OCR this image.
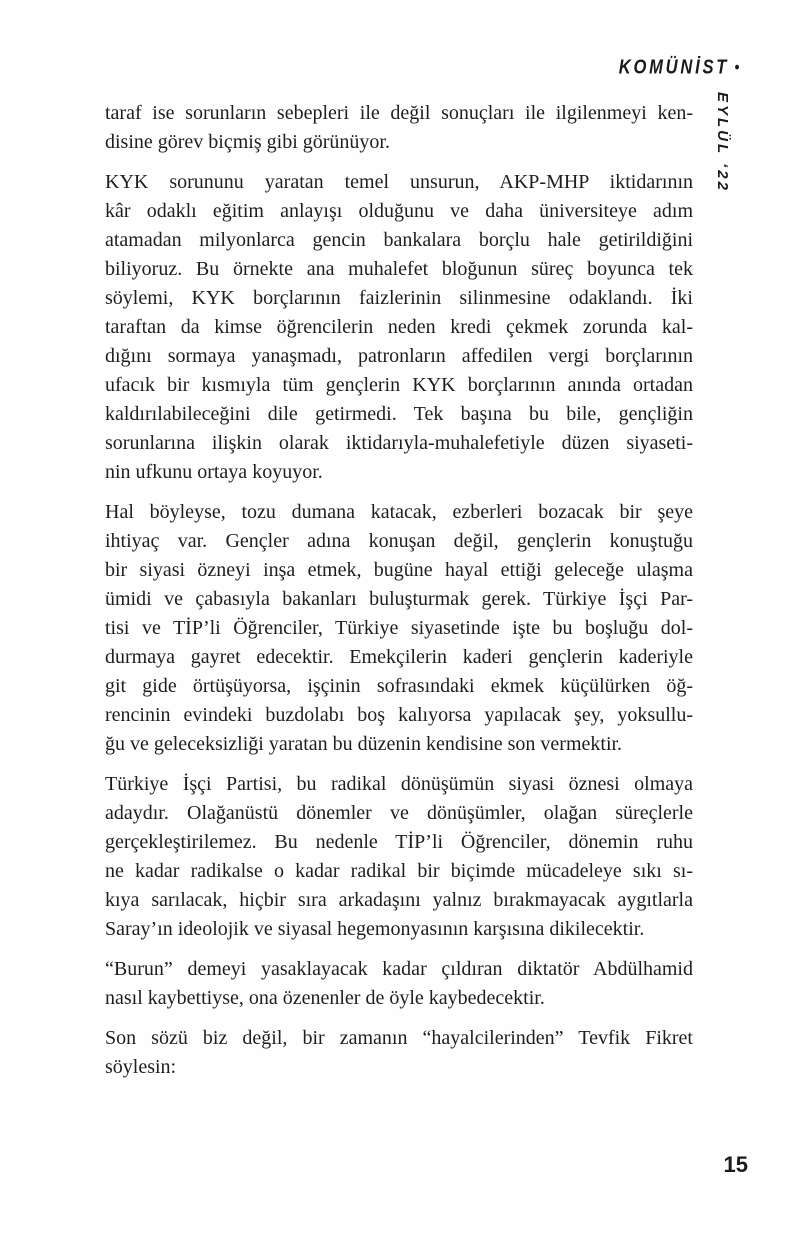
KOMÜNİST •
EYLÜL ‘22
taraf ise sorunların sebepleri ile değil sonuçları ile ilgilenmeyi ken-
disine görev biçmiş gibi görünüyor.
KYK sorununu yaratan temel unsurun, AKP-MHP iktidarının
kâr odaklı eğitim anlayışı olduğunu ve daha üniversiteye adım
atamadan milyonlarca gencin bankalara borçlu hale getirildiğini
biliyoruz. Bu örnekte ana muhalefet bloğunun süreç boyunca tek
söylemi, KYK borçlarının faizlerinin silinmesine odaklandı. İki
taraftan da kimse öğrencilerin neden kredi çekmek zorunda kal-
dığını sormaya yanaşmadı, patronların affedilen vergi borçlarının
ufacık bir kısmıyla tüm gençlerin KYK borçlarının anında ortadan
kaldırılabileceğini dile getirmedi. Tek başına bu bile, gençliğin
sorunlarına ilişkin olarak iktidarıyla-muhalefetiyle düzen siyaseti-
nin ufkunu ortaya koyuyor.
Hal böyleyse, tozu dumana katacak, ezberleri bozacak bir şeye
ihtiyaç var. Gençler adına konuşan değil, gençlerin konuştuğu
bir siyasi özneyi inşa etmek, bugüne hayal ettiği geleceğe ulaşma
ümidi ve çabasıyla bakanları buluşturmak gerek. Türkiye İşçi Par-
tisi ve TİP’li Öğrenciler, Türkiye siyasetinde işte bu boşluğu dol-
durmaya gayret edecektir. Emekçilerin kaderi gençlerin kaderiyle
git gide örtüşüyorsa, işçinin sofrasındaki ekmek küçülürken öğ-
rencinin evindeki buzdolabı boş kalıyorsa yapılacak şey, yoksullu-
ğu ve geleceksizliği yaratan bu düzenin kendisine son vermektir.
Türkiye İşçi Partisi, bu radikal dönüşümün siyasi öznesi olmaya
adaydır. Olağanüstü dönemler ve dönüşümler, olağan süreçlerle
gerçekleştirilemez. Bu nedenle TİP’li Öğrenciler, dönemin ruhu
ne kadar radikalse o kadar radikal bir biçimde mücadeleye sıkı sı-
kıya sarılacak, hiçbir sıra arkadaşını yalnız bırakmayacak aygıtlarla
Saray’ın ideolojik ve siyasal hegemonyasının karşısına dikilecektir.
“Burun” demeyi yasaklayacak kadar çıldıran diktatör Abdülhamid
nasıl kaybettiyse, ona özenenler de öyle kaybedecektir.
Son sözü biz değil, bir zamanın “hayalcilerinden” Tevfik Fikret
söylesin:
15
